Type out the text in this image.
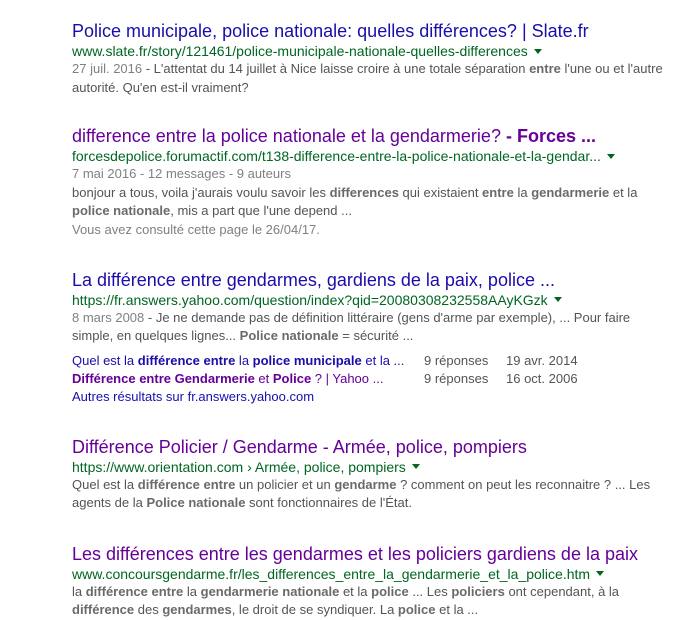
Police municipale, police nationale: quelles différences? | Slate.fr
www.slate.fr/story/121461/police-municipale-nationale-quelles-differences
27 juil. 2016 - L'attentat du 14 juillet à Nice laisse croire à une totale séparation entre l'une ou et l'autre autorité. Qu'en est-il vraiment?
difference entre la police nationale et la gendarmerie? - Forces ...
forcesdepolice.forumactif.com/t138-difference-entre-la-police-nationale-et-la-gendar...
7 mai 2016 - 12 messages - 9 auteurs
bonjour a tous, voila j'aurais voulu savoir les differences qui existaient entre la gendarmerie et la police nationale, mis a part que l'une depend ...
Vous avez consulté cette page le 26/04/17.
La différence entre gendarmes, gardiens de la paix, police ...
https://fr.answers.yahoo.com/question/index?qid=20080308232558AAyKGzk
8 mars 2008 - Je ne demande pas de définition littéraire (gens d'arme par exemple), ... Pour faire simple, en quelques lignes... Police nationale = sécurité ...
Quel est la différence entre la police municipale et la ...	9 réponses	19 avr. 2014
Différence entre Gendarmerie et Police ? | Yahoo ...	9 réponses	16 oct. 2006
Autres résultats sur fr.answers.yahoo.com
Différence Policier / Gendarme - Armée, police, pompiers
https://www.orientation.com › Armée, police, pompiers
Quel est la différence entre un policier et un gendarme ? comment on peut les reconnaitre ? ... Les agents de la Police nationale sont fonctionnaires de l'État.
Les différences entre les gendarmes et les policiers gardiens de la paix
www.concoursgendarme.fr/les_differences_entre_la_gendarmerie_et_la_police.htm
la différence entre la gendarmerie nationale et la police ... Les policiers ont cependant, à la différence des gendarmes, le droit de se syndiquer. La police et la ...
